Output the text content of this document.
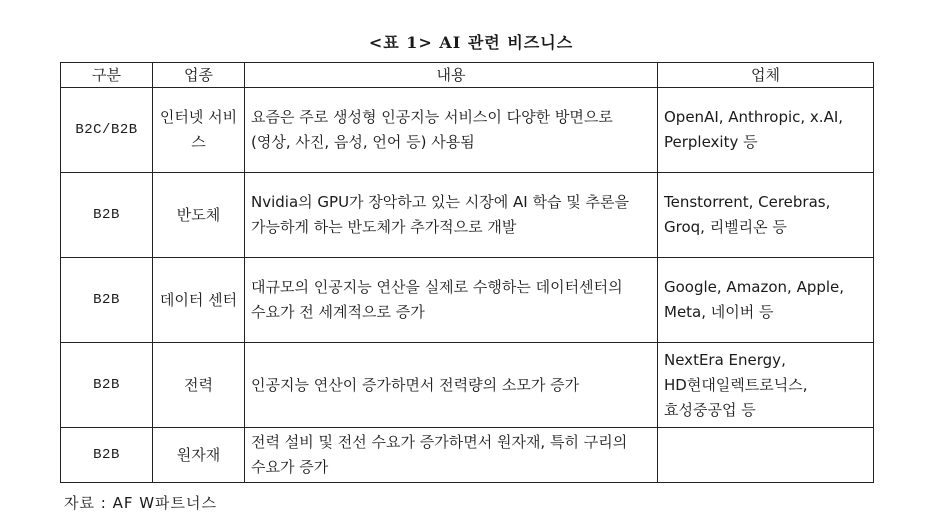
<표 1> AI 관련 비즈니스
구분	업종	내용	업체
B2C/B2B	인터넷 서비스	요즘은 주로 생성형 인공지능 서비스이 다양한 방면으로 (영상, 사진, 음성, 언어 등) 사용됨	OpenAI, Anthropic, x.AI, Perplexity 등
B2B	반도체	Nvidia의 GPU가 장악하고 있는 시장에 AI 학습 및 추론을 가능하게 하는 반도체가 추가적으로 개발	Tenstorrent, Cerebras, Groq, 리벨리온 등
B2B	데이터 센터	대규모의 인공지능 연산을 실제로 수행하는 데이터센터의 수요가 전 세계적으로 증가	Google, Amazon, Apple, Meta, 네이버 등
B2B	전력	인공지능 연산이 증가하면서 전력량의 소모가 증가	NextEra Energy, HD현대일렉트로닉스, 효성중공업 등
B2B	원자재	전력 설비 및 전선 수요가 증가하면서 원자재, 특히 구리의 수요가 증가	
자료 : AF W파트너스
